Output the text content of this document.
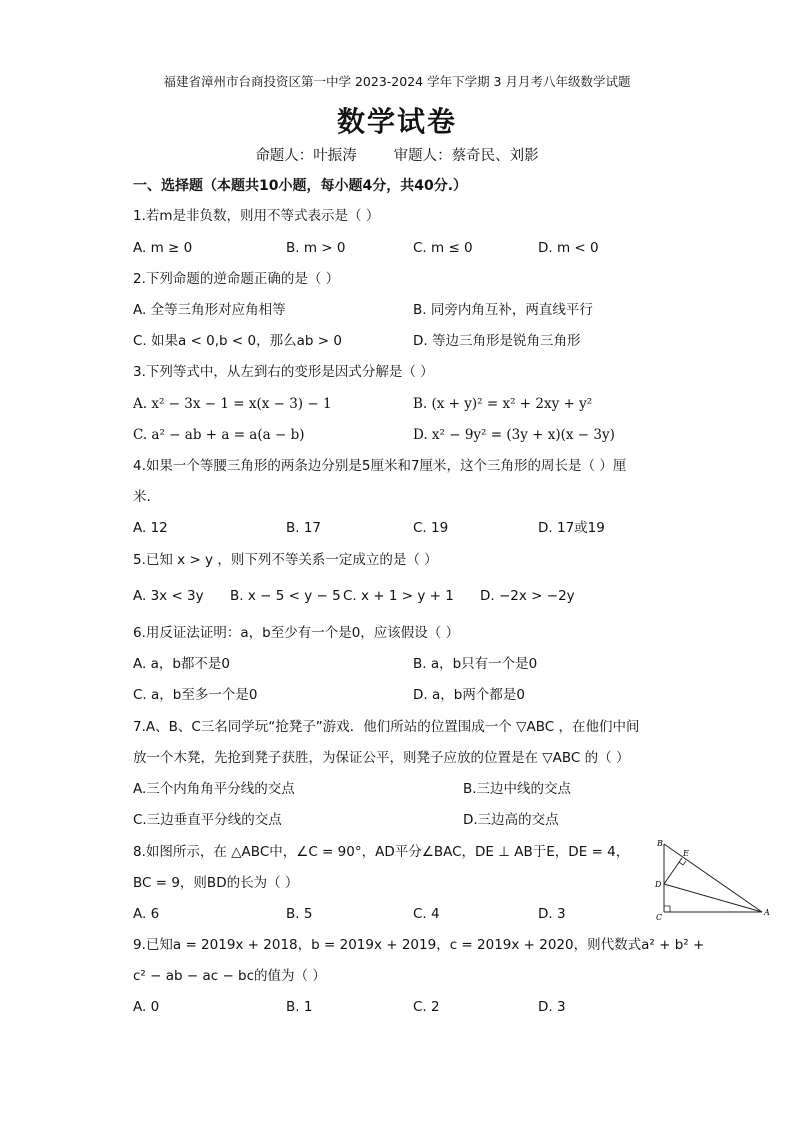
福建省漳州市台商投资区第一中学 2023-2024 学年下学期 3 月月考八年级数学试题
数学试卷
命题人：叶振涛        审题人：蔡奇民、刘影
一、选择题（本题共10小题，每小题4分，共40分.）
1.若m是非负数，则用不等式表示是（ ）
A. m ≥ 0	B. m > 0	C. m ≤ 0	D. m < 0
2.下列命题的逆命题正确的是（ ）
A. 全等三角形对应角相等	B. 同旁内角互补，两直线平行
C. 如果a < 0,b < 0，那么ab > 0	D. 等边三角形是锐角三角形
3.下列等式中，从左到右的变形是因式分解是（ ）
A. x² − 3x − 1 = x(x − 3) − 1	B. (x + y)² = x² + 2xy + y²
C. a² − ab + a = a(a − b)	D. x² − 9y² = (3y + x)(x − 3y)
4.如果一个等腰三角形的两条边分别是5厘米和7厘米，这个三角形的周长是（ ）厘
米.
A. 12	B. 17	C. 19	D. 17或19
5.已知 x > y ，则下列不等关系一定成立的是（ ）
A. 3x < 3y B. x − 5 < y − 5 C. x + 1 > y + 1 D. −2x > −2y
6.用反证法证明：a，b至少有一个是0，应该假设（ ）
A. a，b都不是0	B. a，b只有一个是0
C. a，b至多一个是0	D. a，b两个都是0
7.A、B、C三名同学玩“抢凳子”游戏．他们所站的位置围成一个 ▽ABC ，在他们中间
放一个木凳，先抢到凳子获胜，为保证公平，则凳子应放的位置是在 ▽ABC 的（ ）
A.三个内角角平分线的交点	B.三边中线的交点
C.三边垂直平分线的交点	D.三边高的交点
8.如图所示，在 △ABC中，∠C = 90°，AD平分∠BAC，DE ⊥ AB于E，DE = 4，
BC = 9，则BD的长为（ ）
A. 6	B. 5	C. 4	D. 3
B
E
D
C
A
9.已知a = 2019x + 2018，b = 2019x + 2019，c = 2019x + 2020，则代数式a² + b² +
c² − ab − ac − bc的值为（ ）
A. 0	B. 1	C. 2	D. 3
